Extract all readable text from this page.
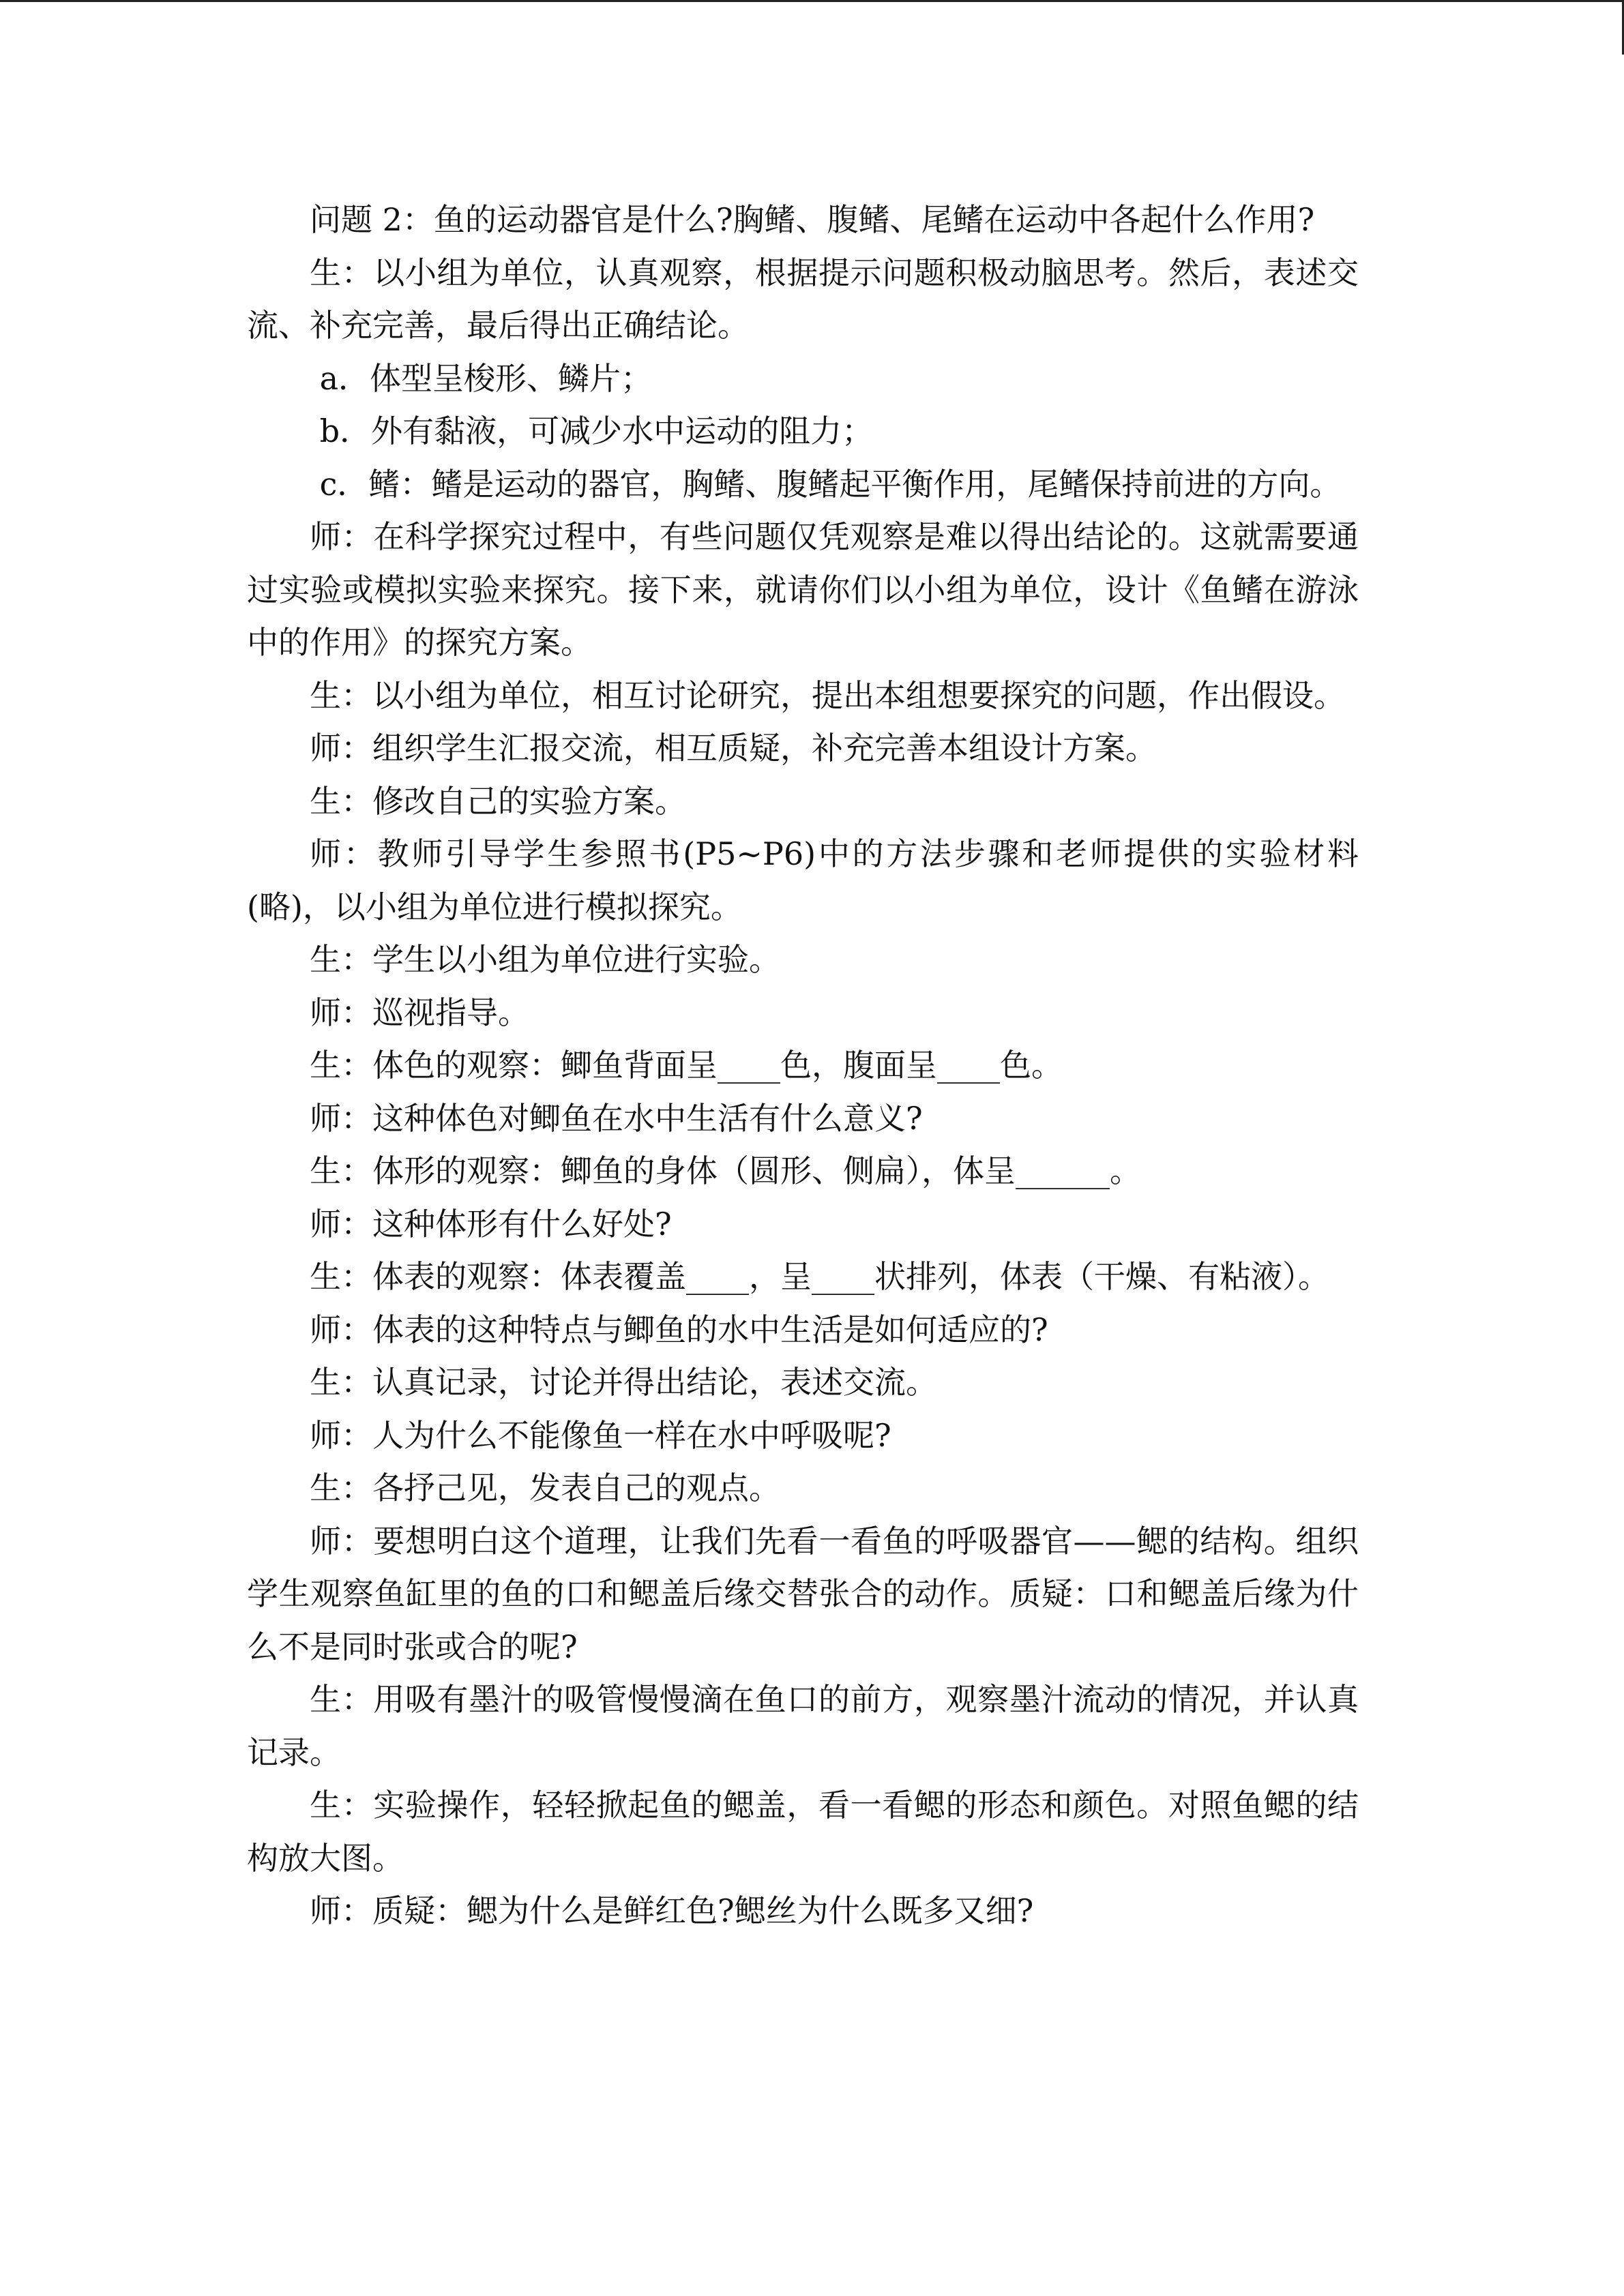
问题 2：鱼的运动器官是什么?胸鳍、腹鳍、尾鳍在运动中各起什么作用?

生：以小组为单位，认真观察，根据提示问题积极动脑思考。然后，表述交流、补充完善，最后得出正确结论。

a．体型呈梭形、鳞片；

b．外有黏液，可减少水中运动的阻力；

c．鳍：鳍是运动的器官，胸鳍、腹鳍起平衡作用，尾鳍保持前进的方向。

师：在科学探究过程中，有些问题仅凭观察是难以得出结论的。这就需要通过实验或模拟实验来探究。接下来，就请你们以小组为单位，设计《鱼鳍在游泳中的作用》的探究方案。

生：以小组为单位，相互讨论研究，提出本组想要探究的问题，作出假设。

师：组织学生汇报交流，相互质疑，补充完善本组设计方案。

生：修改自己的实验方案。

师：教师引导学生参照书(P5~P6)中的方法步骤和老师提供的实验材料(略)，以小组为单位进行模拟探究。

生：学生以小组为单位进行实验。

师：巡视指导。

生：体色的观察：鲫鱼背面呈____色，腹面呈____色。

师：这种体色对鲫鱼在水中生活有什么意义?

生：体形的观察：鲫鱼的身体（圆形、侧扁），体呈______。

师：这种体形有什么好处?

生：体表的观察：体表覆盖____，呈____状排列，体表（干燥、有粘液）。

师：体表的这种特点与鲫鱼的水中生活是如何适应的?

生：认真记录，讨论并得出结论，表述交流。

师：人为什么不能像鱼一样在水中呼吸呢?

生：各抒己见，发表自己的观点。

师：要想明白这个道理，让我们先看一看鱼的呼吸器官——鳃的结构。组织学生观察鱼缸里的鱼的口和鳃盖后缘交替张合的动作。质疑：口和鳃盖后缘为什么不是同时张或合的呢?

生：用吸有墨汁的吸管慢慢滴在鱼口的前方，观察墨汁流动的情况，并认真记录。

生：实验操作，轻轻掀起鱼的鳃盖，看一看鳃的形态和颜色。对照鱼鳃的结构放大图。

师：质疑：鳃为什么是鲜红色?鳃丝为什么既多又细?
